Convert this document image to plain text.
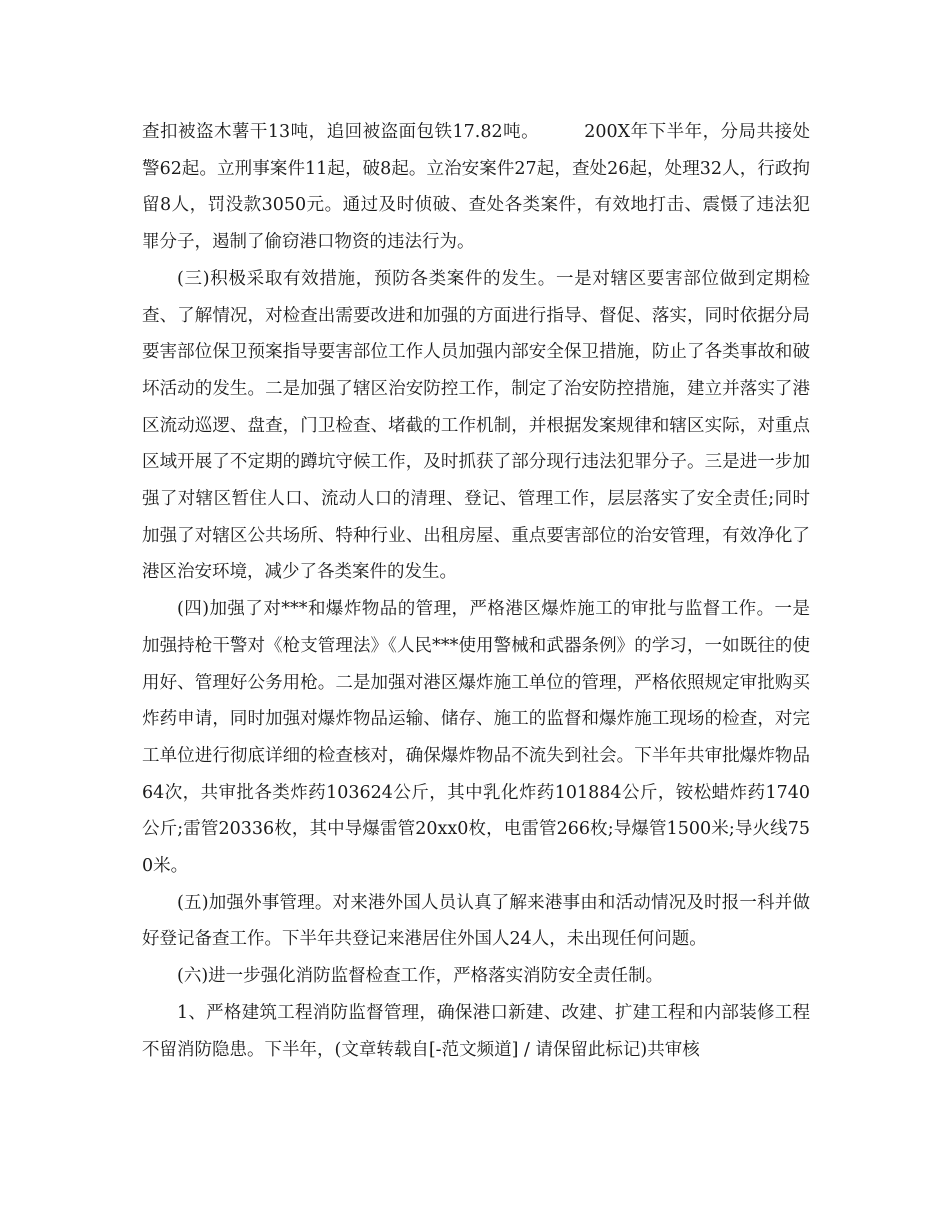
查扣被盗木薯干13吨，追回被盗面包铁17.82吨。　　　200X年下半年，分局共接处警62起。立刑事案件11起，破8起。立治安案件27起，查处26起，处理32人，行政拘留8人，罚没款3050元。通过及时侦破、查处各类案件，有效地打击、震慑了违法犯罪分子，遏制了偷窃港口物资的违法行为。

(三)积极采取有效措施，预防各类案件的发生。一是对辖区要害部位做到定期检查、了解情况，对检查出需要改进和加强的方面进行指导、督促、落实，同时依据分局要害部位保卫预案指导要害部位工作人员加强内部安全保卫措施，防止了各类事故和破坏活动的发生。二是加强了辖区治安防控工作，制定了治安防控措施，建立并落实了港区流动巡逻、盘查，门卫检查、堵截的工作机制，并根据发案规律和辖区实际，对重点区域开展了不定期的蹲坑守候工作，及时抓获了部分现行违法犯罪分子。三是进一步加强了对辖区暂住人口、流动人口的清理、登记、管理工作，层层落实了安全责任;同时加强了对辖区公共场所、特种行业、出租房屋、重点要害部位的治安管理，有效净化了港区治安环境，减少了各类案件的发生。

(四)加强了对***和爆炸物品的管理，严格港区爆炸施工的审批与监督工作。一是加强持枪干警对《枪支管理法》《人民***使用警械和武器条例》的学习，一如既往的使用好、管理好公务用枪。二是加强对港区爆炸施工单位的管理，严格依照规定审批购买炸药申请，同时加强对爆炸物品运输、储存、施工的监督和爆炸施工现场的检查，对完工单位进行彻底详细的检查核对，确保爆炸物品不流失到社会。下半年共审批爆炸物品64次，共审批各类炸药103624公斤，其中乳化炸药101884公斤，铵松蜡炸药1740公斤;雷管20336枚，其中导爆雷管20xx0枚，电雷管266枚;导爆管1500米;导火线750米。

(五)加强外事管理。对来港外国人员认真了解来港事由和活动情况及时报一科并做好登记备查工作。下半年共登记来港居住外国人24人，未出现任何问题。

(六)进一步强化消防监督检查工作，严格落实消防安全责任制。

1、严格建筑工程消防监督管理，确保港口新建、改建、扩建工程和内部装修工程不留消防隐患。下半年，(文章转载自[-范文频道] / 请保留此标记)共审核
